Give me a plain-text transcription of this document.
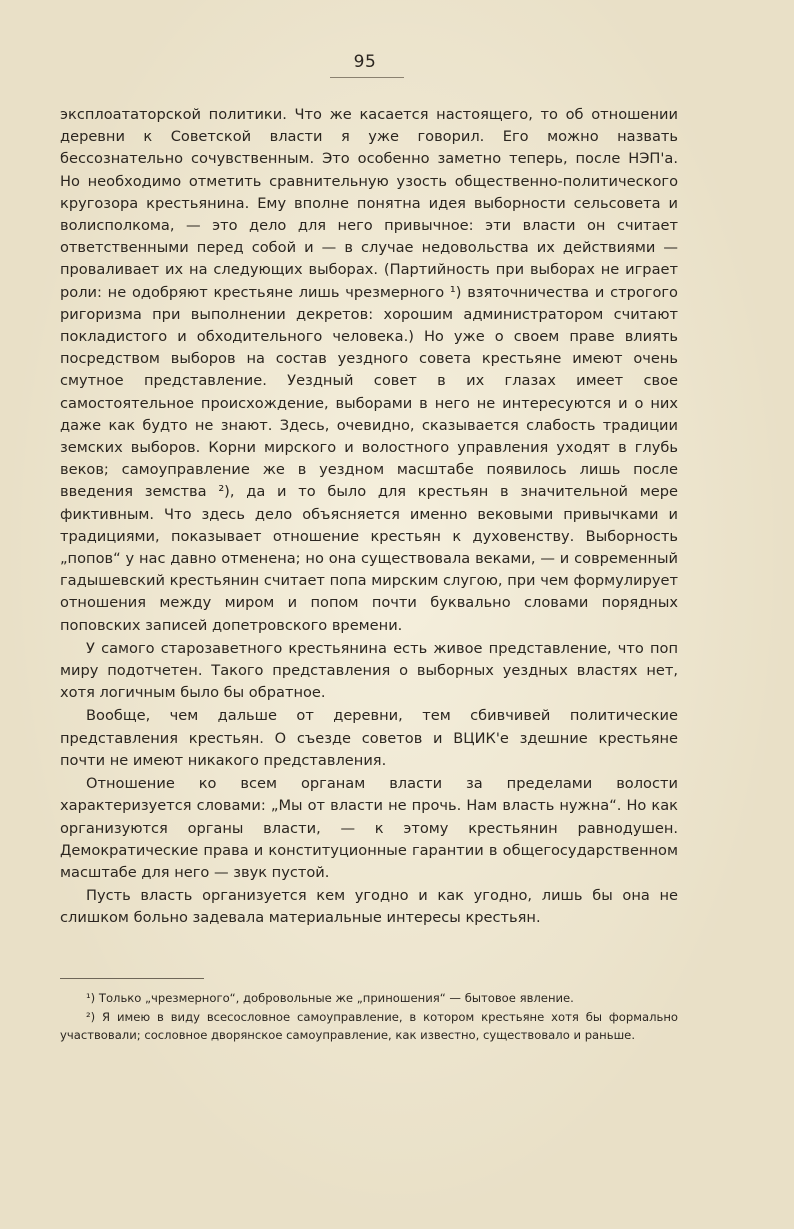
95

эксплоататорской политики. Что же касается настоящего, то об отношении деревни к Советской власти я уже говорил. Его можно назвать бессознательно сочувственным. Это особенно заметно теперь, после НЭП'а. Но необходимо отметить сравнительную узость общественно-политического кругозора крестьянина. Ему вполне понятна идея выборности сельсовета и волисполкома, — это дело для него привычное: эти власти он считает ответственными перед собой и — в случае недовольства их действиями — проваливает их на следующих выборах. (Партийность при выборах не играет роли: не одобряют крестьяне лишь чрезмерного ¹) взяточничества и строгого ригоризма при выполнении декретов: хорошим администратором считают покладистого и обходительного человека.) Но уже о своем праве влиять посредством выборов на состав уездного совета крестьяне имеют очень смутное представление. Уездный совет в их глазах имеет свое самостоятельное происхождение, выборами в него не интересуются и о них даже как будто не знают. Здесь, очевидно, сказывается слабость традиции земских выборов. Корни мирского и волостного управления уходят в глубь веков; самоуправление же в уездном масштабе появилось лишь после введения земства ²), да и то было для крестьян в значительной мере фиктивным. Что здесь дело объясняется именно вековыми привычками и традициями, показывает отношение крестьян к духовенству. Выборность „попов“ у нас давно отменена; но она существовала веками, — и современный гадышевский крестьянин считает попа мирским слугою, при чем формулирует отношения между миром и попом почти буквально словами порядных поповских записей допетровского времени.

У самого старозаветного крестьянина есть живое представление, что поп миру подотчетен. Такого представления о выборных уездных властях нет, хотя логичным было бы обратное.

Вообще, чем дальше от деревни, тем сбивчивей политические представления крестьян. О съезде советов и ВЦИК'е здешние крестьяне почти не имеют никакого представления.

Отношение ко всем органам власти за пределами волости характеризуется словами: „Мы от власти не прочь. Нам власть нужна“. Но как организуются органы власти, — к этому крестьянин равнодушен. Демократические права и конституционные гарантии в общегосударственном масштабе для него — звук пустой.

Пусть власть организуется кем угодно и как угодно, лишь бы она не слишком больно задевала материальные интересы крестьян.

¹) Только „чрезмерного“, добровольные же „приношения“ — бытовое явление.

²) Я имею в виду всесословное самоуправление, в котором крестьяне хотя бы формально участвовали; сословное дворянское самоуправление, как известно, существовало и раньше.
